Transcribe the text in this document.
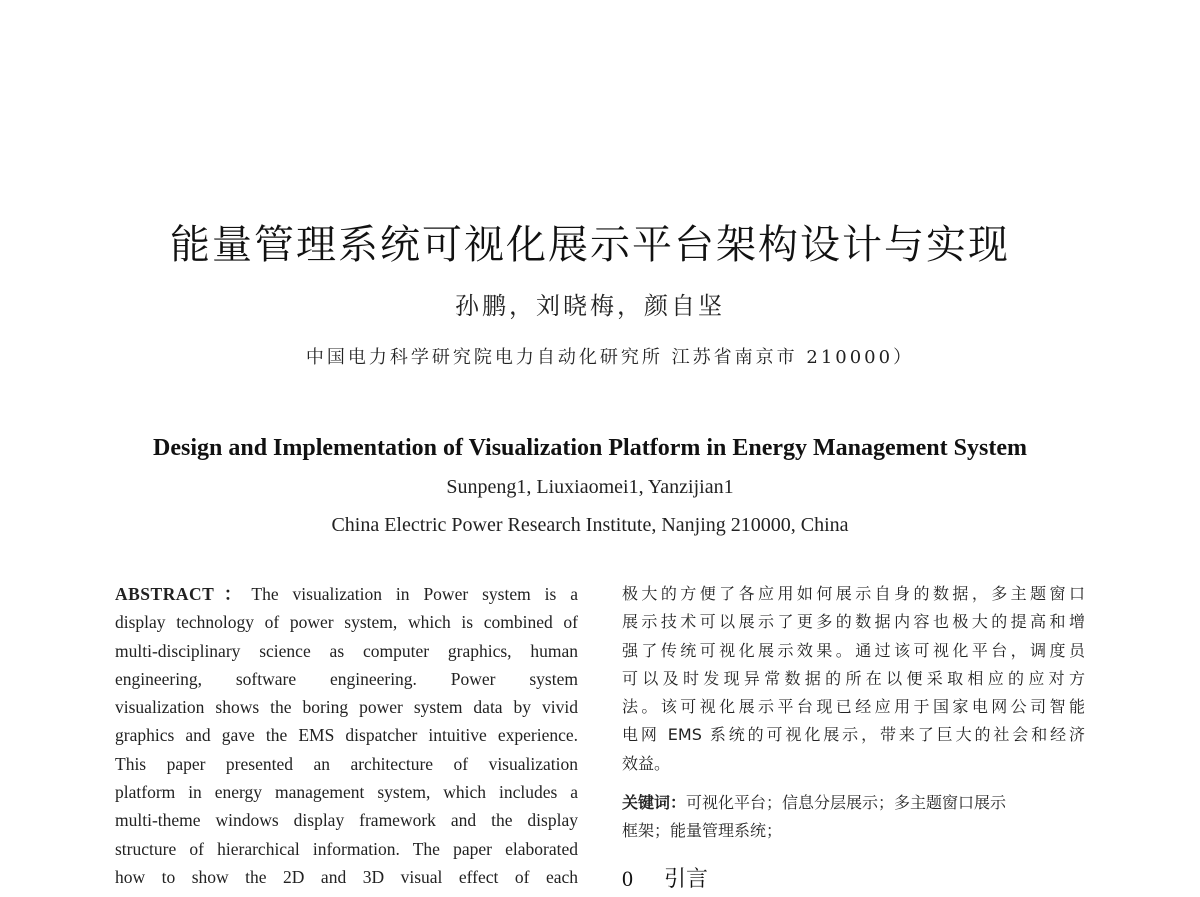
能量管理系统可视化展示平台架构设计与实现
孙鹏，刘晓梅，颜自坚
中国电力科学研究院电力自动化研究所 江苏省南京市 210000）
Design and Implementation of Visualization Platform in Energy Management System
Sunpeng1, Liuxiaomei1, Yanzijian1
China Electric Power Research Institute, Nanjing 210000, China
ABSTRACT：The visualization in Power system is a
display technology of power system, which is combined of
multi-disciplinary science as computer graphics, human
engineering, software engineering. Power system
visualization shows the boring power system data by vivid
graphics and gave the EMS dispatcher intuitive experience.
This paper presented an architecture of visualization
platform in energy management system, which includes a
multi-theme windows display framework and the display
structure of hierarchical information. The paper elaborated
how to show the 2D and 3D visual effect of each
极大的方便了各应用如何展示自身的数据，多主题窗口
展示技术可以展示了更多的数据内容也极大的提高和增
强了传统可视化展示效果。通过该可视化平台，调度员
可以及时发现异常数据的所在以便采取相应的应对方
法。该可视化展示平台现已经应用于国家电网公司智能
电网 EMS 系统的可视化展示，带来了巨大的社会和经济
效益。
关键词：可视化平台；信息分层展示；多主题窗口展示
框架；能量管理系统；
0 引言
